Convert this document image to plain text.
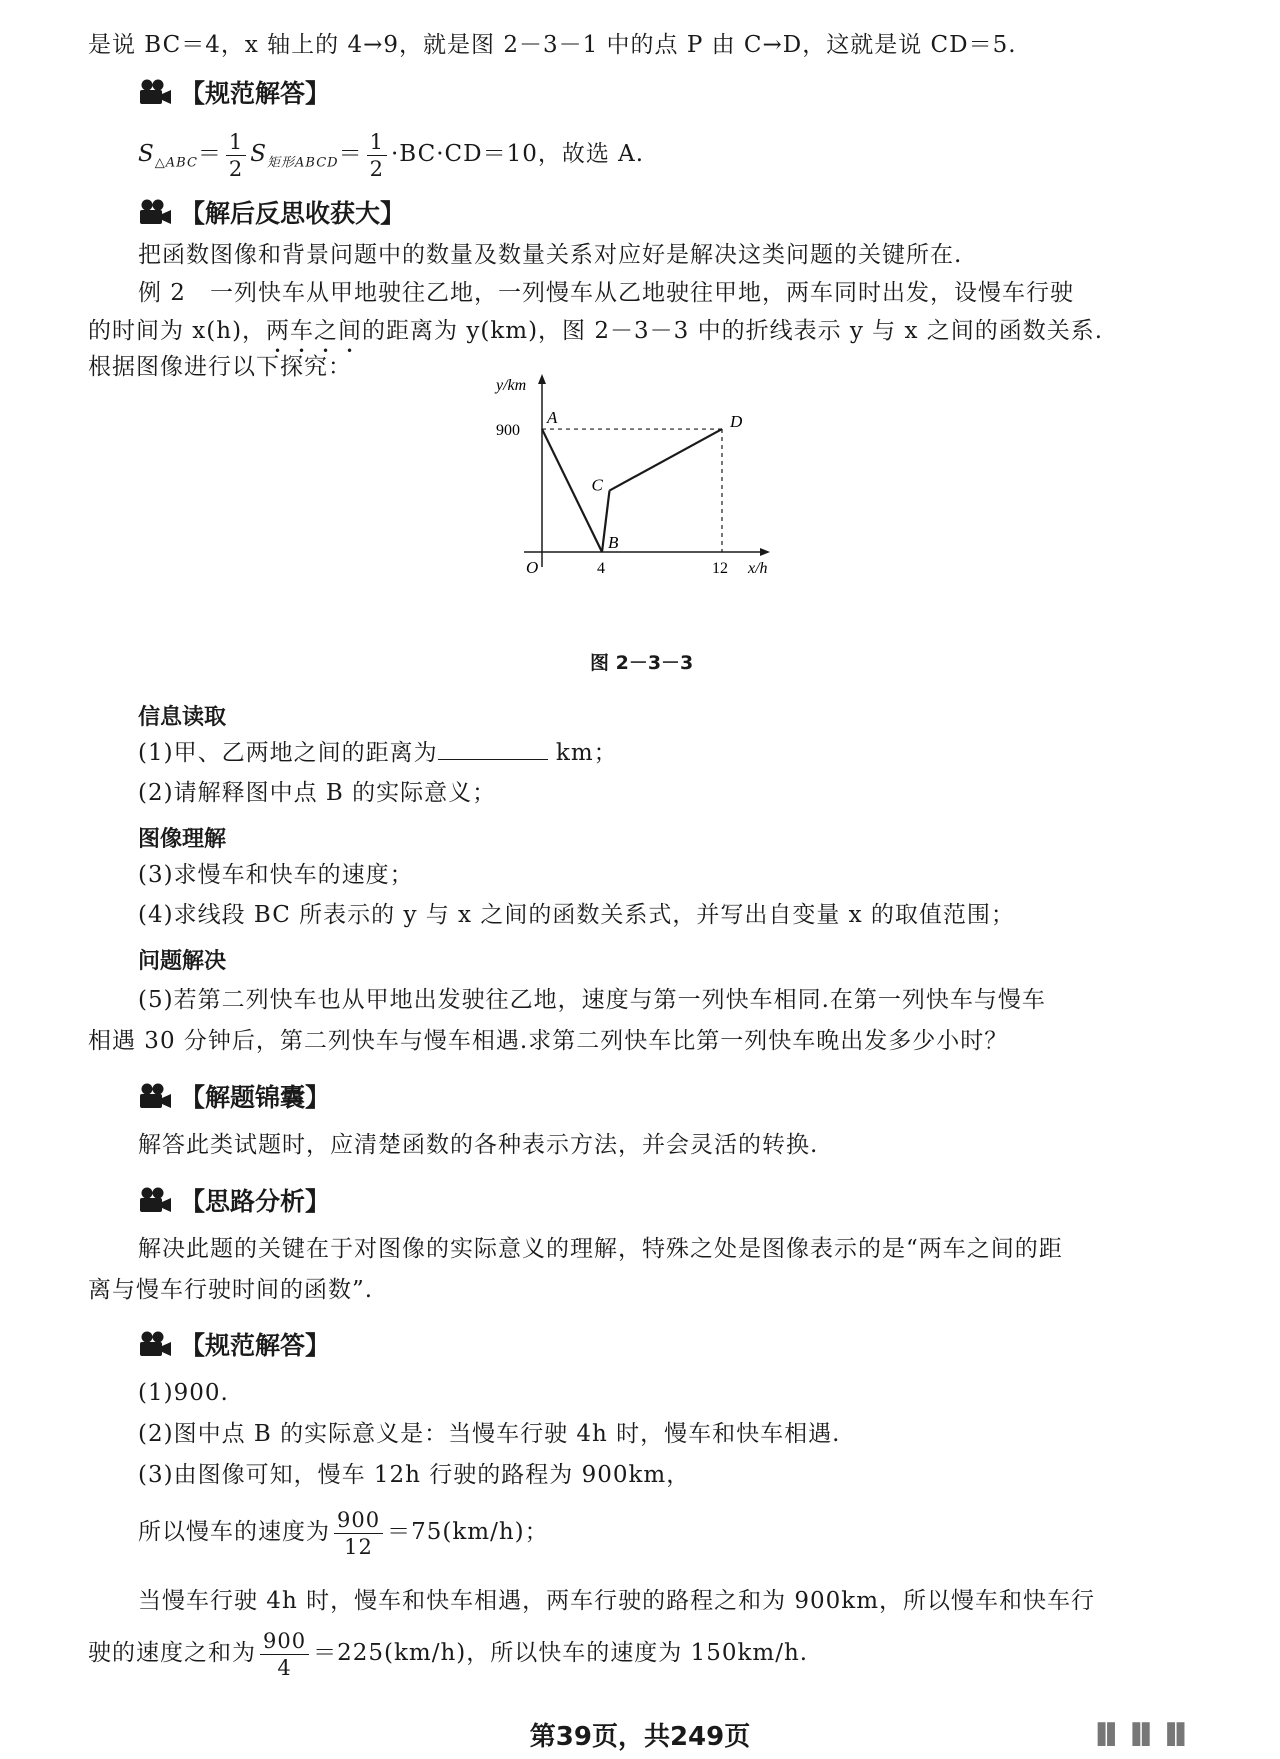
是说 BC＝4，x 轴上的 4→9，就是图 2－3－1 中的点 P 由 C→D，这就是说 CD＝5.
【规范解答】
$S_{\triangle ABC}= \frac{1}{2} S_{矩形ABCD}= \frac{1}{2} \cdot BC\cdot CD=10$，故选 A.
【解后反思收获大】
把函数图像和背景问题中的数量及数量关系对应好是解决这类问题的关键所在.
例 2　一列快车从甲地驶往乙地，一列慢车从乙地驶往甲地，两车同时出发，设慢车行驶
的时间为 x(h)，两车之间的距离为 y(km)，图 2－3－3 中的折线表示 y 与 x 之间的函数关系.
根据图像进行以下探究：
x/h
y/km
O	4	12
900
A
B
C
D
图 2－3－3
信息读取
(1)甲、乙两地之间的距离为	km；
(2)请解释图中点 B 的实际意义；
图像理解
(3)求慢车和快车的速度；
(4)求线段 BC 所表示的 y 与 x 之间的函数关系式，并写出自变量 x 的取值范围；
问题解决
(5)若第二列快车也从甲地出发驶往乙地，速度与第一列快车相同.在第一列快车与慢车
相遇 30 分钟后，第二列快车与慢车相遇.求第二列快车比第一列快车晚出发多少小时？
【解题锦囊】
解答此类试题时，应清楚函数的各种表示方法，并会灵活的转换.
【思路分析】
解决此题的关键在于对图像的实际意义的理解，特殊之处是图像表示的是“两车之间的距
离与慢车行驶时间的函数”.
【规范解答】
(1)900.
(2)图中点 B 的实际意义是：当慢车行驶 4h 时，慢车和快车相遇.
(3)由图像可知，慢车 12h 行驶的路程为 900km，
所以慢车的速度为 $\frac{900}{12} =75(km/h)$；
当慢车行驶 4h 时，慢车和快车相遇，两车行驶的路程之和为 900km，所以慢车和快车行
驶的速度之和为 $\frac{900}{4} =225(km/h)$，所以快车的速度为 150km/h.
第39页，共249页	▐▌▐▌▐▌
